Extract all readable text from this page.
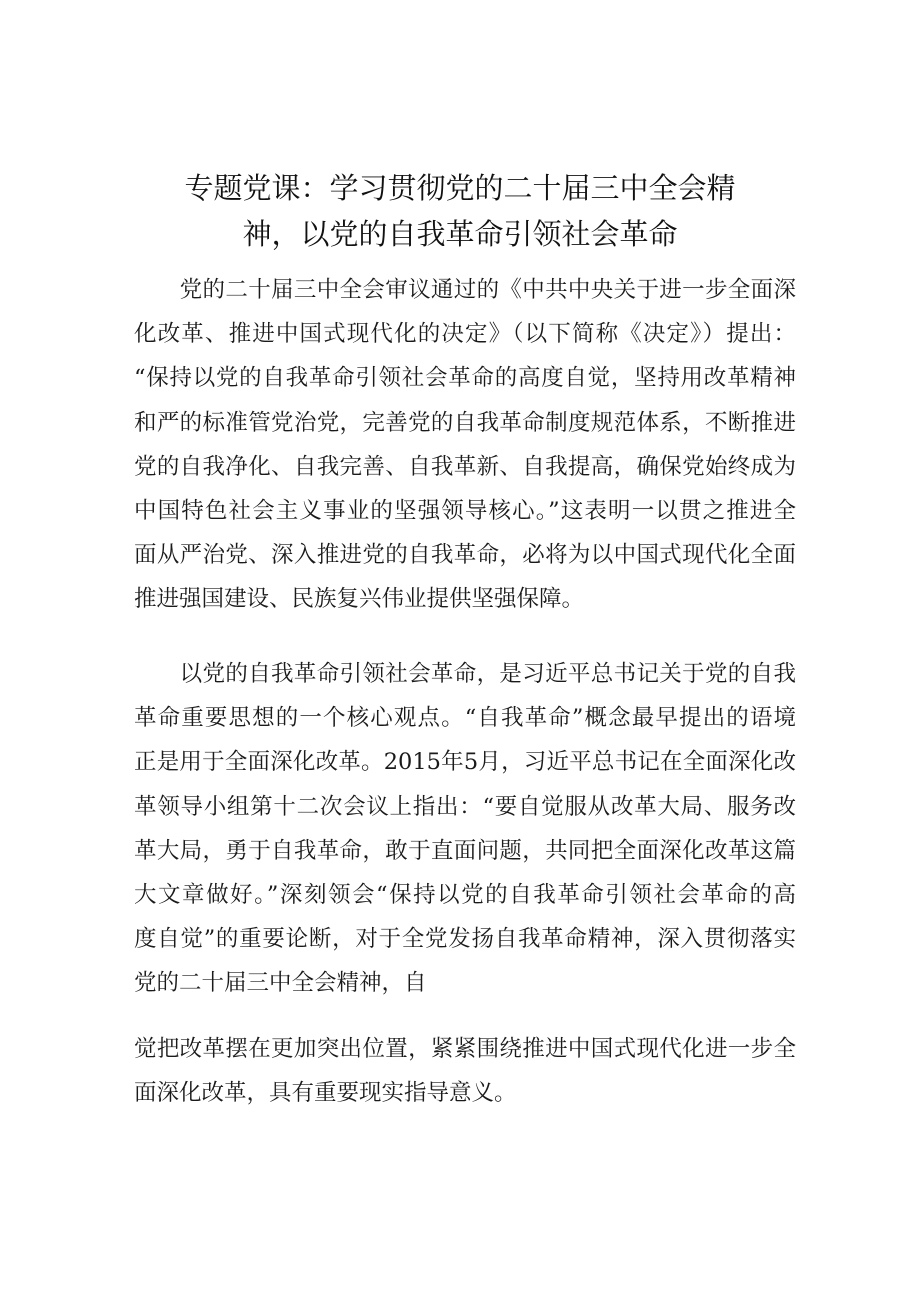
专题党课：学习贯彻党的二十届三中全会精
神，以党的自我革命引领社会革命
　　党的二十届三中全会审议通过的《中共中央关于进一步全面深
化改革、推进中国式现代化的决定》（以下简称《决定》）提出：
“保持以党的自我革命引领社会革命的高度自觉，坚持用改革精神
和严的标准管党治党，完善党的自我革命制度规范体系，不断推进
党的自我净化、自我完善、自我革新、自我提高，确保党始终成为
中国特色社会主义事业的坚强领导核心。”这表明一以贯之推进全
面从严治党、深入推进党的自我革命，必将为以中国式现代化全面
推进强国建设、民族复兴伟业提供坚强保障。
　　以党的自我革命引领社会革命，是习近平总书记关于党的自我
革命重要思想的一个核心观点。“自我革命”概念最早提出的语境
正是用于全面深化改革。2015年5月，习近平总书记在全面深化改
革领导小组第十二次会议上指出：“要自觉服从改革大局、服务改
革大局，勇于自我革命，敢于直面问题，共同把全面深化改革这篇
大文章做好。”深刻领会“保持以党的自我革命引领社会革命的高
度自觉”的重要论断，对于全党发扬自我革命精神，深入贯彻落实
党的二十届三中全会精神，自
觉把改革摆在更加突出位置，紧紧围绕推进中国式现代化进一步全
面深化改革，具有重要现实指导意义。
